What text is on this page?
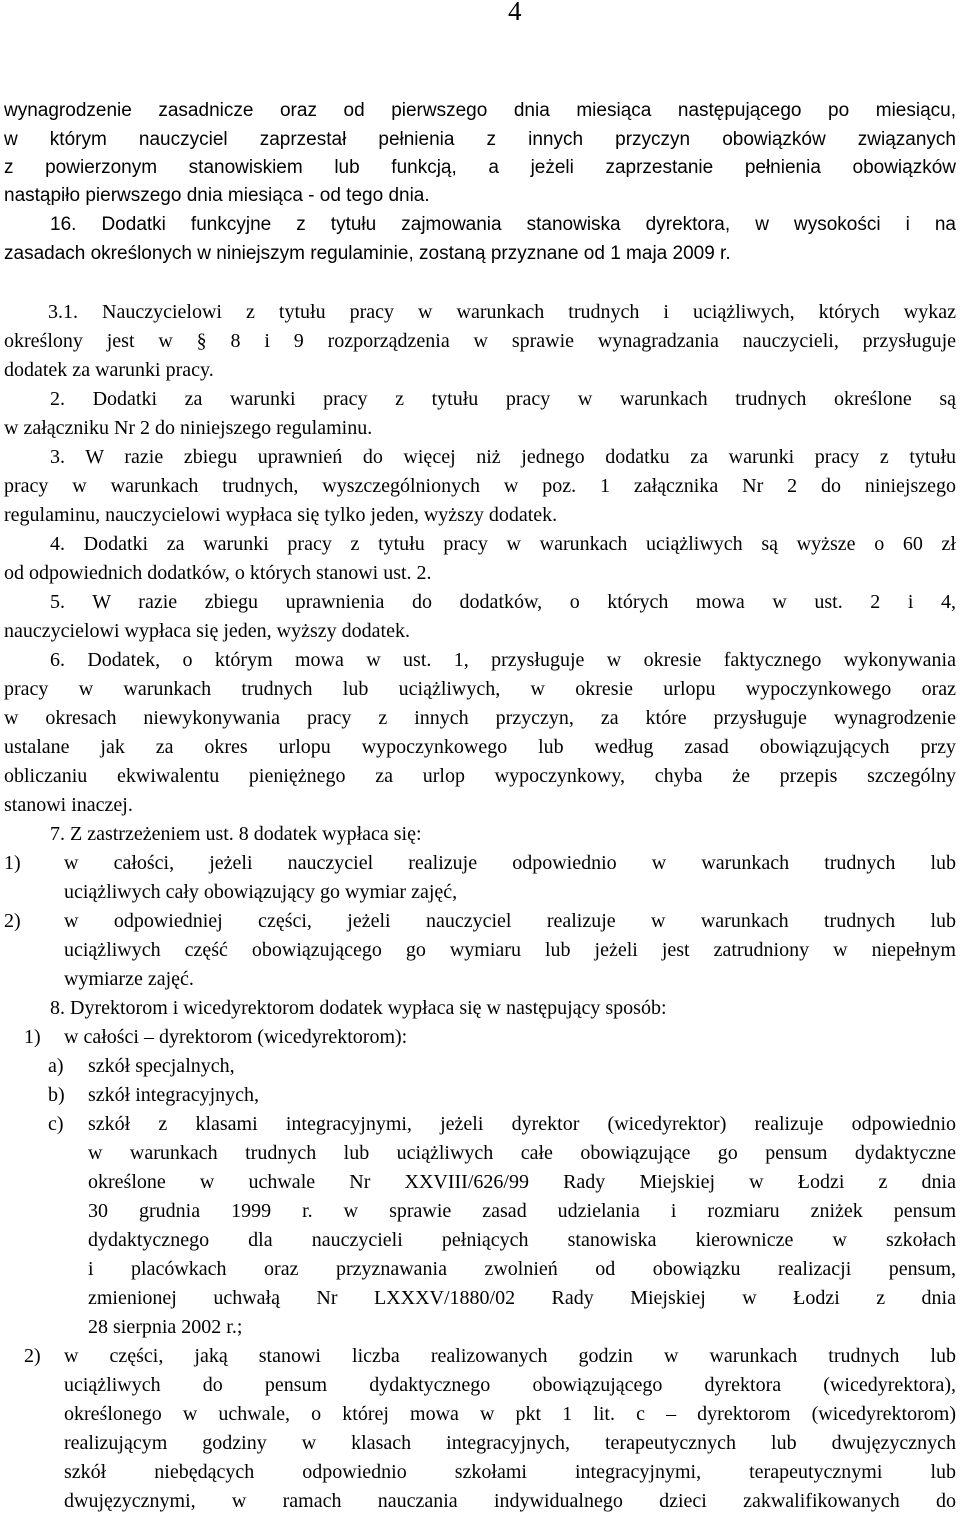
4
wynagrodzenie zasadnicze oraz od pierwszego dnia miesiąca następującego po miesiącu,
w którym nauczyciel zaprzestał pełnienia z innych przyczyn obowiązków związanych
z powierzonym stanowiskiem lub funkcją, a jeżeli zaprzestanie pełnienia obowiązków
nastąpiło pierwszego dnia miesiąca - od tego dnia.
16. Dodatki funkcyjne z tytułu zajmowania stanowiska dyrektora, w wysokości i na
zasadach określonych w niniejszym regulaminie, zostaną przyznane od 1 maja 2009 r.
3.1. Nauczycielowi z tytułu pracy w warunkach trudnych i uciążliwych, których wykaz
określony jest w § 8 i 9 rozporządzenia w sprawie wynagradzania nauczycieli, przysługuje
dodatek za warunki pracy.
2. Dodatki za warunki pracy z tytułu pracy w warunkach trudnych określone są
w załączniku Nr 2 do niniejszego regulaminu.
3. W razie zbiegu uprawnień do więcej niż jednego dodatku za warunki pracy z tytułu
pracy w warunkach trudnych, wyszczególnionych w poz. 1 załącznika Nr 2 do niniejszego
regulaminu, nauczycielowi wypłaca się tylko jeden, wyższy dodatek.
4. Dodatki za warunki pracy z tytułu pracy w warunkach uciążliwych są wyższe o 60 zł
od odpowiednich dodatków, o których stanowi ust. 2.
5. W razie zbiegu uprawnienia do dodatków, o których mowa w ust. 2 i 4,
nauczycielowi wypłaca się jeden, wyższy dodatek.
6. Dodatek, o którym mowa w ust. 1, przysługuje w okresie faktycznego wykonywania
pracy w warunkach trudnych lub uciążliwych, w okresie urlopu wypoczynkowego oraz
w okresach niewykonywania pracy z innych przyczyn, za które przysługuje wynagrodzenie
ustalane jak za okres urlopu wypoczynkowego lub według zasad obowiązujących przy
obliczaniu ekwiwalentu pieniężnego za urlop wypoczynkowy, chyba że przepis szczególny
stanowi inaczej.
7. Z zastrzeżeniem ust. 8 dodatek wypłaca się:
1) w całości, jeżeli nauczyciel realizuje odpowiednio w warunkach trudnych lub
uciążliwych cały obowiązujący go wymiar zajęć,
2) w odpowiedniej części, jeżeli nauczyciel realizuje w warunkach trudnych lub
uciążliwych część obowiązującego go wymiaru lub jeżeli jest zatrudniony w niepełnym
wymiarze zajęć.
8. Dyrektorom i wicedyrektorom dodatek wypłaca się w następujący sposób:
1) w całości – dyrektorom (wicedyrektorom):
a) szkół specjalnych,
b) szkół integracyjnych,
c) szkół z klasami integracyjnymi, jeżeli dyrektor (wicedyrektor) realizuje odpowiednio
w warunkach trudnych lub uciążliwych całe obowiązujące go pensum dydaktyczne
określone w uchwale Nr XXVIII/626/99 Rady Miejskiej w Łodzi z dnia
30 grudnia 1999 r. w sprawie zasad udzielania i rozmiaru zniżek pensum
dydaktycznego dla nauczycieli pełniących stanowiska kierownicze w szkołach
i placówkach oraz przyznawania zwolnień od obowiązku realizacji pensum,
zmienionej uchwałą Nr LXXXV/1880/02 Rady Miejskiej w Łodzi z dnia
28 sierpnia 2002 r.;
2) w części, jaką stanowi liczba realizowanych godzin w warunkach trudnych lub
uciążliwych do pensum dydaktycznego obowiązującego dyrektora (wicedyrektora),
określonego w uchwale, o której mowa w pkt 1 lit. c – dyrektorom (wicedyrektorom)
realizującym godziny w klasach integracyjnych, terapeutycznych lub dwujęzycznych
szkół niebędących odpowiednio szkołami integracyjnymi, terapeutycznymi lub
dwujęzycznymi, w ramach nauczania indywidualnego dzieci zakwalifikowanych do
